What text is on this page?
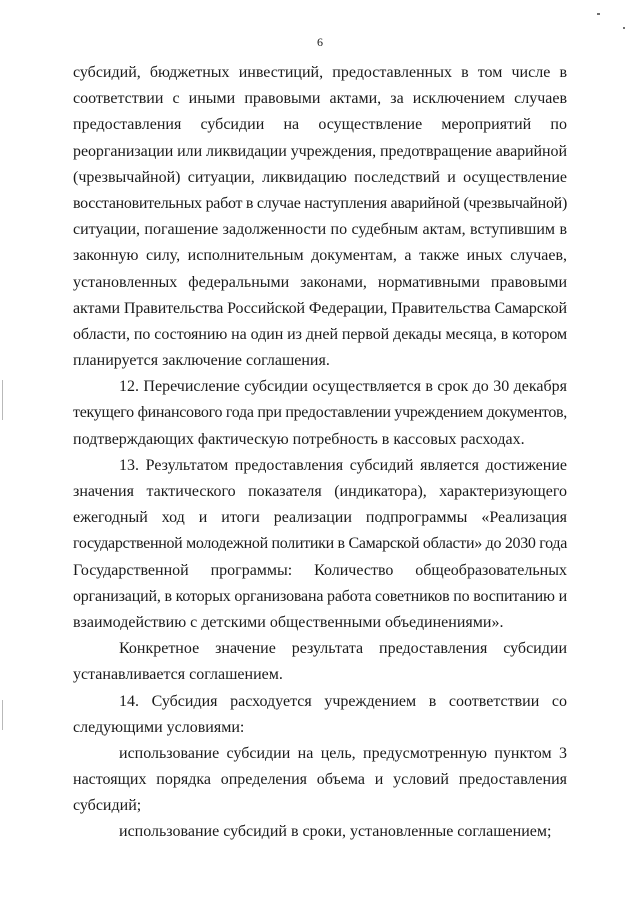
6
субсидий, бюджетных инвестиций, предоставленных в том числе в
соответствии с иными правовыми актами, за исключением случаев
предоставления субсидии на осуществление мероприятий по
реорганизации или ликвидации учреждения, предотвращение аварийной
(чрезвычайной) ситуации, ликвидацию последствий и осуществление
восстановительных работ в случае наступления аварийной (чрезвычайной)
ситуации, погашение задолженности по судебным актам, вступившим в
законную силу, исполнительным документам, а также иных случаев,
установленных федеральными законами, нормативными правовыми
актами Правительства Российской Федерации, Правительства Самарской
области, по состоянию на один из дней первой декады месяца, в котором
планируется заключение соглашения.
12. Перечисление субсидии осуществляется в срок до 30 декабря
текущего финансового года при предоставлении учреждением документов,
подтверждающих фактическую потребность в кассовых расходах.
13. Результатом предоставления субсидий является достижение
значения тактического показателя (индикатора), характеризующего
ежегодный ход и итоги реализации подпрограммы «Реализация
государственной молодежной политики в Самарской области» до 2030 года
Государственной программы: Количество общеобразовательных
организаций, в которых организована работа советников по воспитанию и
взаимодействию с детскими общественными объединениями».
Конкретное значение результата предоставления субсидии
устанавливается соглашением.
14. Субсидия расходуется учреждением в соответствии со
следующими условиями:
использование субсидии на цель, предусмотренную пунктом 3
настоящих порядка определения объема и условий предоставления
субсидий;
использование субсидий в сроки, установленные соглашением;
